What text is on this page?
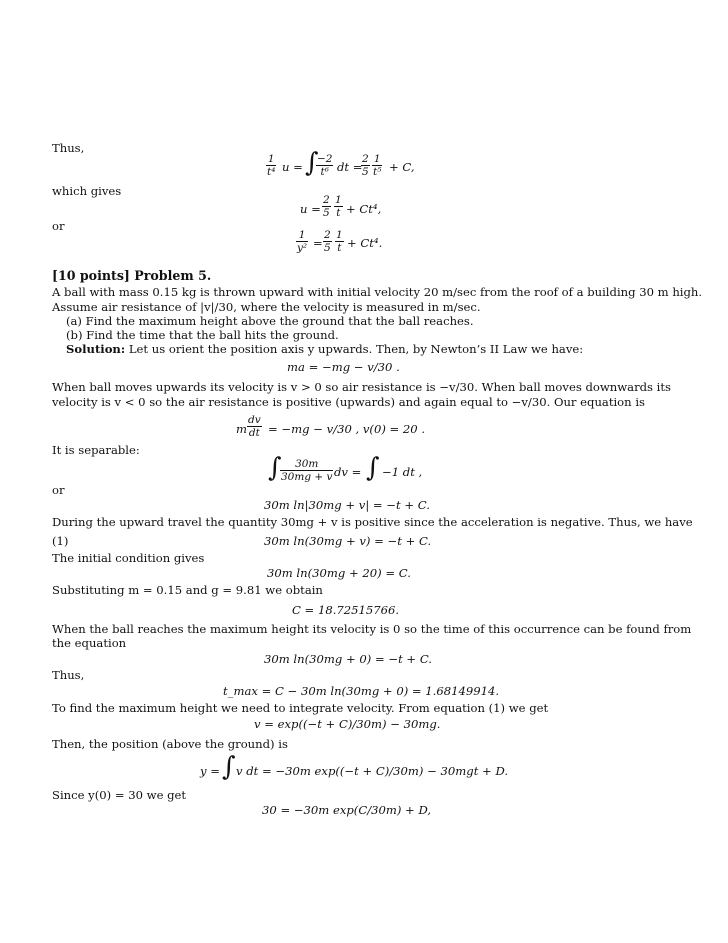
Thus,
$\frac{1}{\text{t⁴}}$ u = ∫
$\frac{-2}{\text{t⁶}}$ dt =
$\frac{2}{5} \frac{1}{\text{t⁵}} + C$,
which gives
$u = \frac{2}{5} \frac{1}{t} + Ct^4$,
or
$\frac{1}{\text{y²}} = \frac{2}{5} \frac{1}{t} + Ct^4$.
[10 points] Problem 5.
A ball with mass 0.15 kg is thrown upward with initial velocity 20 m/sec from the roof of a building 30 m high.
Assume air resistance of |v|/30, where the velocity is measured in m/sec.
(a) Find the maximum height above the ground that the ball reaches.
(b) Find the time that the ball hits the ground.
Solution: Let us orient the position axis y upwards. Then, by Newton’s II Law we have:
ma = −mg − v/30 .
When ball moves upwards its velocity is v > 0 so air resistance is −v/30. When ball moves downwards its
velocity is v < 0 so the air resistance is positive (upwards) and again equal to −v/30. Our equation is
m $\frac{dv}{dt} = -mg - v/30$ , v(0) = 20 .
It is separable:
∫
$\frac{30m}{30mg + v}$ dv = ∫ −1 dt ,
or
30m ln|30mg + v| = −t + C.
During the upward travel the quantity 30mg + v is positive since the acceleration is negative. Thus, we have
(1)	30m ln(30mg + v) = −t + C.
The initial condition gives
30m ln(30mg + 20) = C.
Substituting m = 0.15 and g = 9.81 we obtain
C = 18.72515766.
When the ball reaches the maximum height its velocity is 0 so the time of this occurrence can be found from
the equation
30m ln(30mg + 0) = −t + C.
Thus,
t_max = C − 30m ln(30mg + 0) = 1.68149914.
To find the maximum height we need to integrate velocity. From equation (1) we get
v = exp((−t + C)/30m) − 30mg.
Then, the position (above the ground) is
y = ∫ v dt = −30m exp((−t + C)/30m) − 30mgt + D.
Since y(0) = 30 we get
30 = −30m exp(C/30m) + D,
